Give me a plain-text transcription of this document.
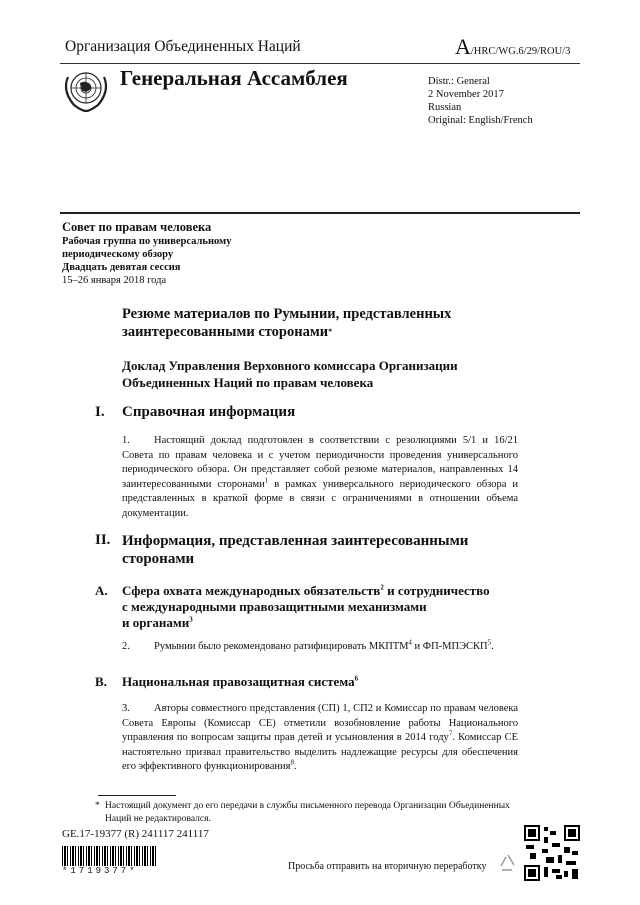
Организация Объединенных Наций	A/HRC/WG.6/29/ROU/3
Генеральная Ассамблея	Distr.: General
2 November 2017
Russian
Original: English/French
Совет по правам человека
Рабочая группа по универсальному
периодическому обзору
Двадцать девятая сессия
15–26 января 2018 года
Резюме материалов по Румынии, представленных
заинтересованными сторонами*
Доклад Управления Верховного комиссара Организации
Объединенных Наций по правам человека
I. Справочная информация
1. Настоящий доклад подготовлен в соответствии с резолюциями 5/1 и 16/21 Совета по правам человека и с учетом периодичности проведения универсального периодического обзора. Он представляет собой резюме материалов, направленных 14 заинтересованными сторонами$^1$ в рамках универсального периодического обзора и представленных в краткой форме в связи с ограничениями в отношении объема документации.
II. Информация, представленная заинтересованными
сторонами
A. Сфера охвата международных обязательств$^2$ и сотрудничество
с международными правозащитными механизмами
и органами$^3$
2. Румынии было рекомендовано ратифицировать МКПТМ$^4$ и ФП-МПЭСКП$^5$.
B. Национальная правозащитная система$^6$
3. Авторы совместного представления (СП) 1, СП2 и Комиссар по правам человека Совета Европы (Комиссар СЕ) отметили возобновление работы Национального управления по вопросам защиты прав детей и усыновления в 2014 году$^7$. Комиссар СЕ настоятельно призвал правительство выделить надлежащие ресурсы для обеспечения его эффективного функционирования$^8$.
* Настоящий документ до его передачи в службы письменного перевода Организации Объединенных Наций не редактировался.
GE.17-19377 (R) 241117 241117
*1719377*	Просьба отправить на вторичную переработку
